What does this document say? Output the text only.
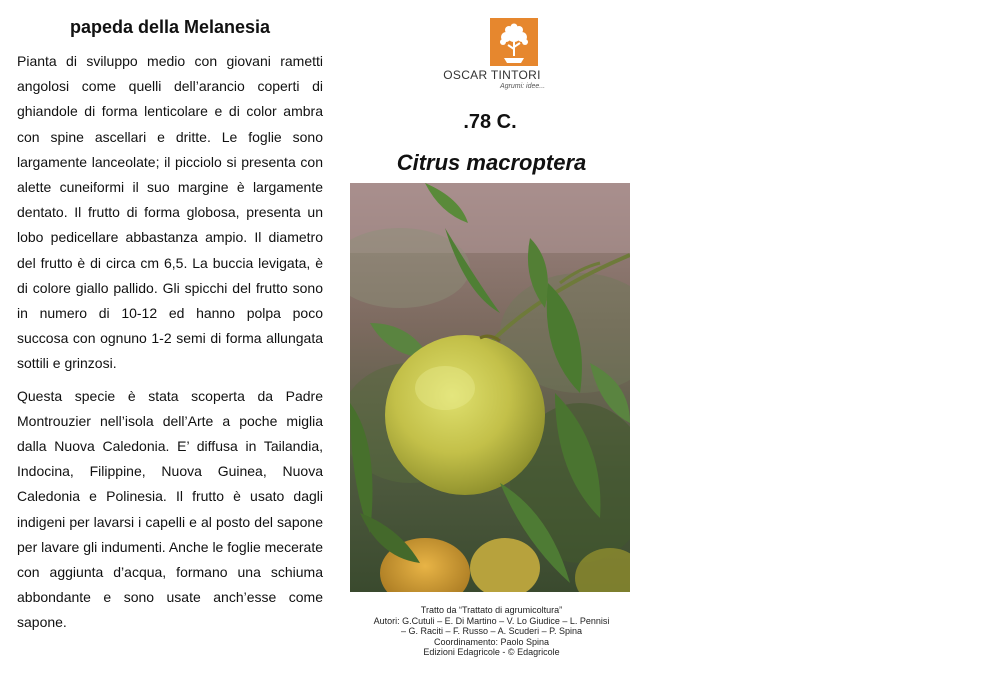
papeda della Melanesia

Pianta di sviluppo medio con giovani rametti angolosi come quelli dell’arancio coperti di ghiandole di forma lenticolare e di color ambra con spine ascellari e dritte. Le foglie sono largamente lanceolate; il picciolo si presenta con alette cuneiformi il suo margine è largamente dentato. Il frutto di forma globosa, presenta un lobo pedicellare abbastanza ampio. Il diametro del frutto è di circa cm 6,5. La buccia levigata, è di colore giallo pallido. Gli spicchi del frutto sono in numero di 10-12 ed hanno polpa poco succosa con ognuno 1-2 semi di forma allungata sottili e grinzosi.

Questa specie è stata scoperta da Padre Montrouzier nell’isola dell’Arte a poche miglia dalla Nuova Caledonia. E’ diffusa in Tailandia, Indocina, Filippine, Nuova Guinea, Nuova Caledonia e Polinesia. Il frutto è usato dagli indigeni per lavarsi i capelli e al posto del sapone per lavare gli indumenti. Anche le foglie mecerate con aggiunta d’acqua, formano una schiuma abbondante e sono usate anch’esse come sapone.

OSCAR TINTORI
Agrumi: idee...
.78 C.
Citrus macroptera
Tratto da “Trattato di agrumicoltura”
Autori: G.Cutuli – E. Di Martino – V. Lo Giudice – L. Pennisi
– G. Raciti – F. Russo – A. Scuderi – P. Spina
Coordinamento: Paolo Spina
Edizioni Edagricole - © Edagricole
